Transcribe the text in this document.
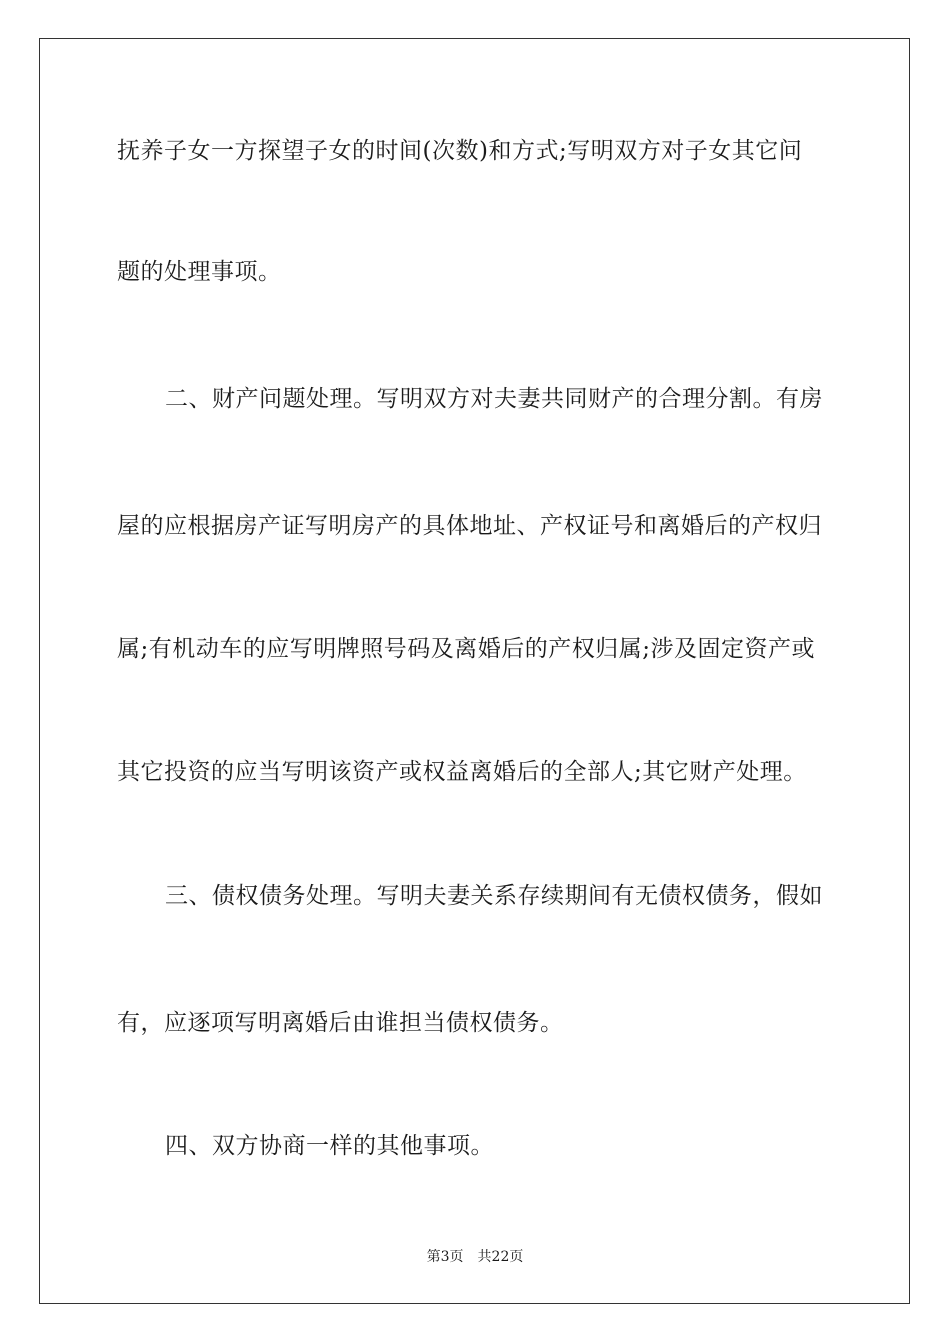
抚养子女一方探望子女的时间(次数)和方式;写明双方对子女其它问
题的处理事项。
二、财产问题处理。写明双方对夫妻共同财产的合理分割。有房
屋的应根据房产证写明房产的具体地址、产权证号和离婚后的产权归
属;有机动车的应写明牌照号码及离婚后的产权归属;涉及固定资产或
其它投资的应当写明该资产或权益离婚后的全部人;其它财产处理。
三、债权债务处理。写明夫妻关系存续期间有无债权债务，假如
有，应逐项写明离婚后由谁担当债权债务。
四、双方协商一样的其他事项。
第3页 共22页
